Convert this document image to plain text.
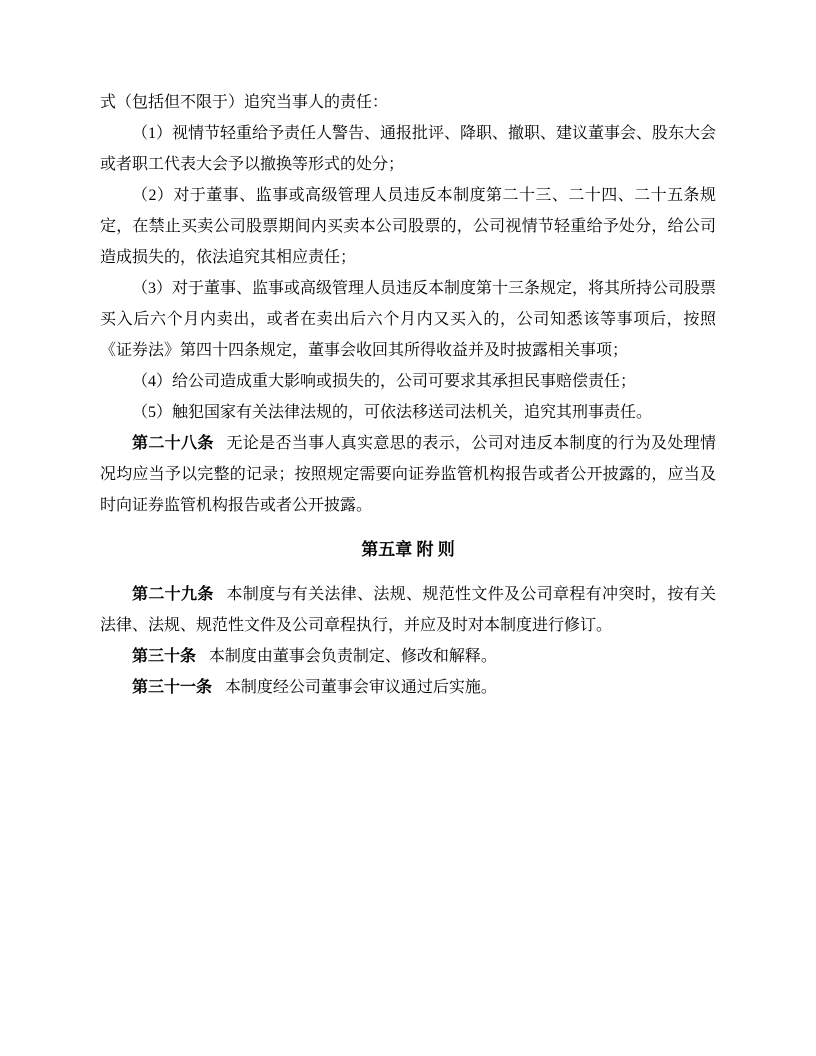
式（包括但不限于）追究当事人的责任：

（1）视情节轻重给予责任人警告、通报批评、降职、撤职、建议董事会、股东大会或者职工代表大会予以撤换等形式的处分；

（2）对于董事、监事或高级管理人员违反本制度第二十三、二十四、二十五条规定，在禁止买卖公司股票期间内买卖本公司股票的，公司视情节轻重给予处分，给公司造成损失的，依法追究其相应责任；

（3）对于董事、监事或高级管理人员违反本制度第十三条规定，将其所持公司股票买入后六个月内卖出，或者在卖出后六个月内又买入的，公司知悉该等事项后，按照《证券法》第四十四条规定，董事会收回其所得收益并及时披露相关事项；

（4）给公司造成重大影响或损失的，公司可要求其承担民事赔偿责任；

（5）触犯国家有关法律法规的，可依法移送司法机关，追究其刑事责任。

第二十八条 无论是否当事人真实意思的表示，公司对违反本制度的行为及处理情况均应当予以完整的记录；按照规定需要向证券监管机构报告或者公开披露的，应当及时向证券监管机构报告或者公开披露。

第五章 附 则

第二十九条 本制度与有关法律、法规、规范性文件及公司章程有冲突时，按有关法律、法规、规范性文件及公司章程执行，并应及时对本制度进行修订。

第三十条 本制度由董事会负责制定、修改和解释。

第三十一条 本制度经公司董事会审议通过后实施。
